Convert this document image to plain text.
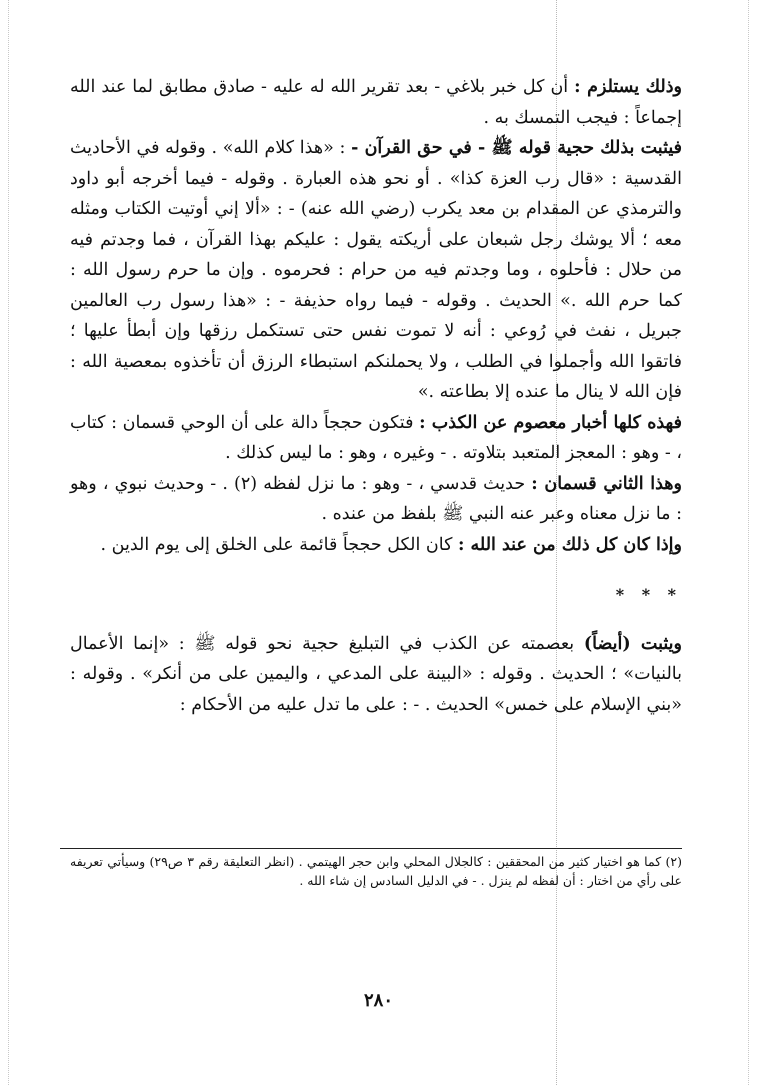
وذلك يستلزم : أن كل خبر بلاغي - بعد تقرير الله له عليه - صادق مطابق لما عند الله إجماعاً : فيجب التمسك به .

فيثبت بذلك حجية قوله ﷺ - في حق القرآن - : «هذا كلام الله» . وقوله في الأحاديث القدسية : «قال رب العزة كذا» . أو نحو هذه العبارة . وقوله - فيما أخرجه أبو داود والترمذي عن المقدام بن معد يكرب (رضي الله عنه) - : «ألا إني أوتيت الكتاب ومثله معه ؛ ألا يوشك رجل شبعان على أريكته يقول : عليكم بهذا القرآن ، فما وجدتم فيه من حلال : فأحلوه ، وما وجدتم فيه من حرام : فحرموه . وإن ما حرم رسول الله : كما حرم الله .» الحديث . وقوله - فيما رواه حذيفة - : «هذا رسول رب العالمين جبريل ، نفث في رُوعي : أنه لا تموت نفس حتى تستكمل رزقها وإن أبطأ عليها ؛ فاتقوا الله وأجملوا في الطلب ، ولا يحملنكم استبطاء الرزق أن تأخذوه بمعصية الله : فإن الله لا ينال ما عنده إلا بطاعته .»

فهذه كلها أخبار معصوم عن الكذب : فتكون حججاً دالة على أن الوحي قسمان : كتاب ، - وهو : المعجز المتعبد بتلاوته . - وغيره ، وهو : ما ليس كذلك .

وهذا الثاني قسمان : حديث قدسي ، - وهو : ما نزل لفظه (٢) . - وحديث نبوي ، وهو : ما نزل معناه وعبر عنه النبي ﷺ بلفظ من عنده .

وإذا كان كل ذلك من عند الله : كان الكل حججاً قائمة على الخلق إلى يوم الدين .

* * *

ويثبت (أيضاً) بعصمته عن الكذب في التبليغ حجية نحو قوله ﷺ : «إنما الأعمال بالنيات» ؛ الحديث . وقوله : «البينة على المدعي ، واليمين على من أنكر» . وقوله : «بني الإسلام على خمس» الحديث . - : على ما تدل عليه من الأحكام :

(٢) كما هو اختيار كثير من المحققين : كالجلال المحلي وابن حجر الهيتمي . (انظر التعليقة رقم ٣ ص٢٩) وسيأتي تعريفه على رأي من اختار : أن لفظه لم ينزل . - في الدليل السادس إن شاء الله .
٢٨٠
